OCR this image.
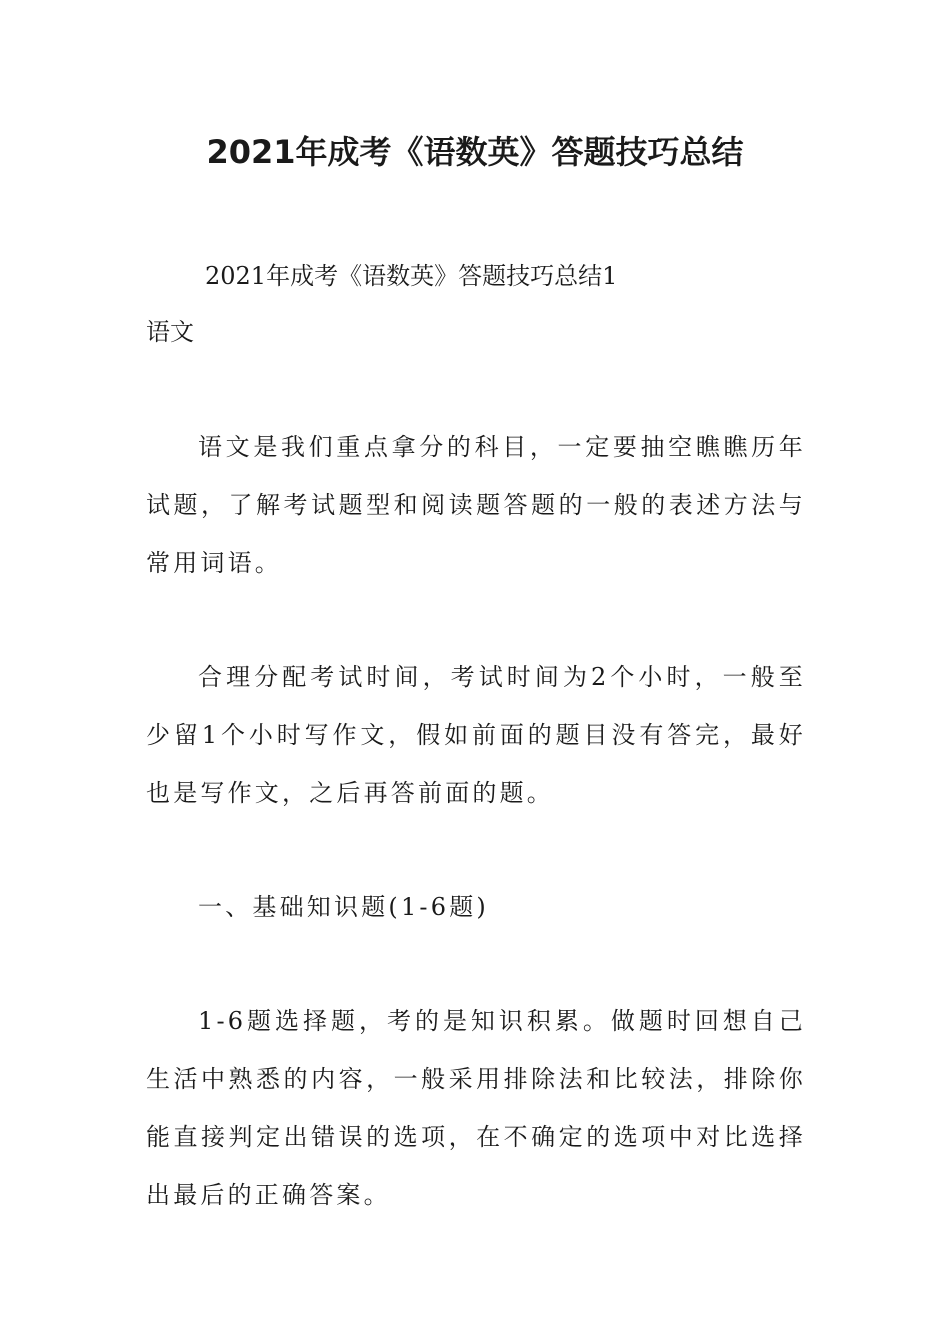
2021年成考《语数英》答题技巧总结

2021年成考《语数英》答题技巧总结1

语文

语文是我们重点拿分的科目，一定要抽空瞧瞧历年试题，了解考试题型和阅读题答题的一般的表述方法与常用词语。

合理分配考试时间，考试时间为2个小时，一般至少留1个小时写作文，假如前面的题目没有答完，最好也是写作文，之后再答前面的题。

一、基础知识题(1-6题)

1-6题选择题，考的是知识积累。做题时回想自己生活中熟悉的内容，一般采用排除法和比较法，排除你能直接判定出错误的选项，在不确定的选项中对比选择出最后的正确答案。
